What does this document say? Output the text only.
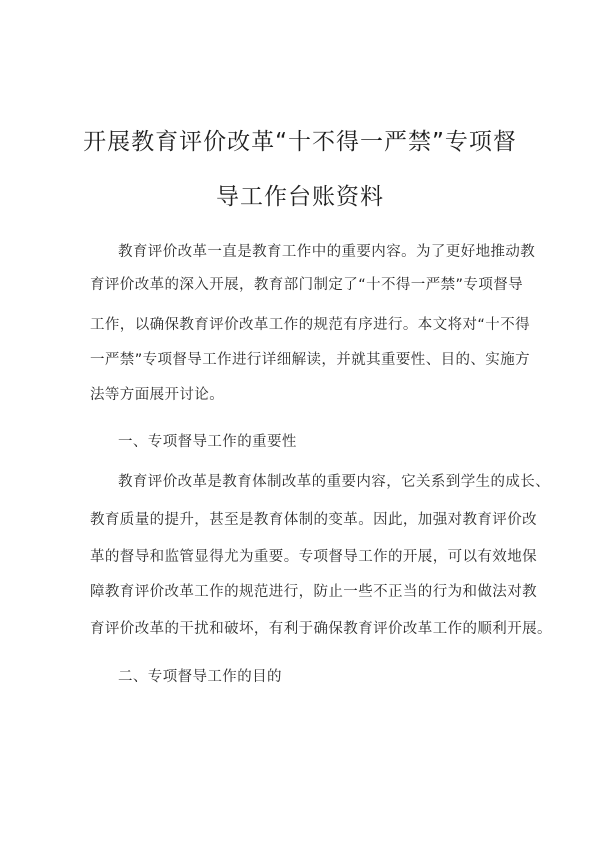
开展教育评价改革“十不得一严禁”专项督
导工作台账资料
教育评价改革一直是教育工作中的重要内容。为了更好地推动教
育评价改革的深入开展，教育部门制定了“十不得一严禁”专项督导
工作，以确保教育评价改革工作的规范有序进行。本文将对“十不得
一严禁”专项督导工作进行详细解读，并就其重要性、目的、实施方
法等方面展开讨论。
一、专项督导工作的重要性
教育评价改革是教育体制改革的重要内容，它关系到学生的成长、
教育质量的提升，甚至是教育体制的变革。因此，加强对教育评价改
革的督导和监管显得尤为重要。专项督导工作的开展，可以有效地保
障教育评价改革工作的规范进行，防止一些不正当的行为和做法对教
育评价改革的干扰和破坏，有利于确保教育评价改革工作的顺利开展。
二、专项督导工作的目的
